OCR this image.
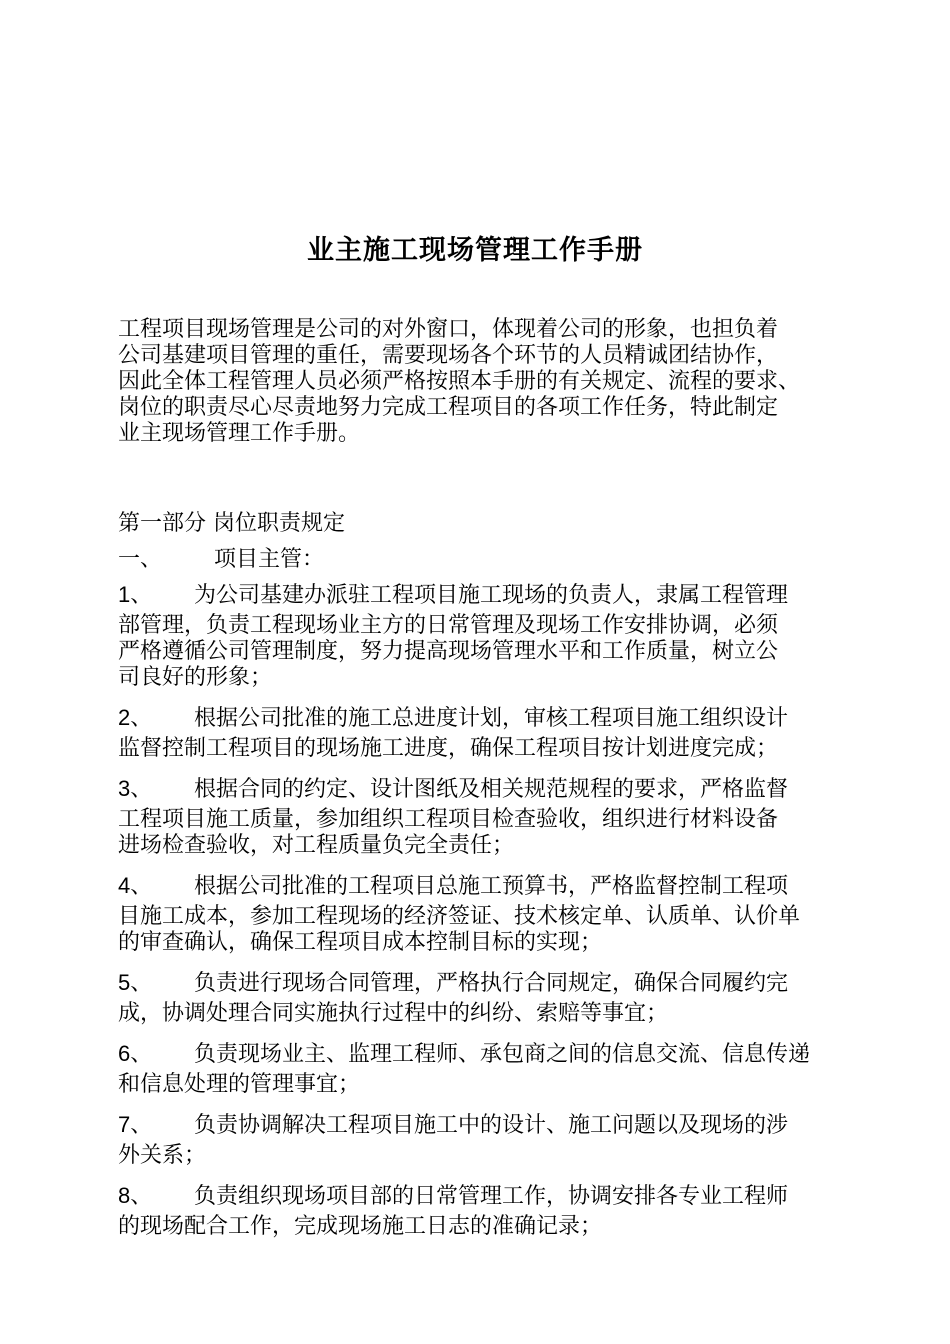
业主施工现场管理工作手册
工程项目现场管理是公司的对外窗口，体现着公司的形象，也担负着
公司基建项目管理的重任，需要现场各个环节的人员精诚团结协作，
因此全体工程管理人员必须严格按照本手册的有关规定、流程的要求、
岗位的职责尽心尽责地努力完成工程项目的各项工作任务，特此制定
业主现场管理工作手册。
第一部分 岗位职责规定
一、 项目主管：
1、 为公司基建办派驻工程项目施工现场的负责人，隶属工程管理
部管理，负责工程现场业主方的日常管理及现场工作安排协调，必须
严格遵循公司管理制度，努力提高现场管理水平和工作质量，树立公
司良好的形象；
2、 根据公司批准的施工总进度计划，审核工程项目施工组织设计
监督控制工程项目的现场施工进度，确保工程项目按计划进度完成；
3、 根据合同的约定、设计图纸及相关规范规程的要求，严格监督
工程项目施工质量，参加组织工程项目检查验收，组织进行材料设备
进场检查验收，对工程质量负完全责任；
4、 根据公司批准的工程项目总施工预算书，严格监督控制工程项
目施工成本，参加工程现场的经济签证、技术核定单、认质单、认价单
的审查确认，确保工程项目成本控制目标的实现；
5、 负责进行现场合同管理，严格执行合同规定，确保合同履约完
成，协调处理合同实施执行过程中的纠纷、索赔等事宜；
6、 负责现场业主、监理工程师、承包商之间的信息交流、信息传递
和信息处理的管理事宜；
7、 负责协调解决工程项目施工中的设计、施工问题以及现场的涉
外关系；
8、 负责组织现场项目部的日常管理工作，协调安排各专业工程师
的现场配合工作，完成现场施工日志的准确记录；
